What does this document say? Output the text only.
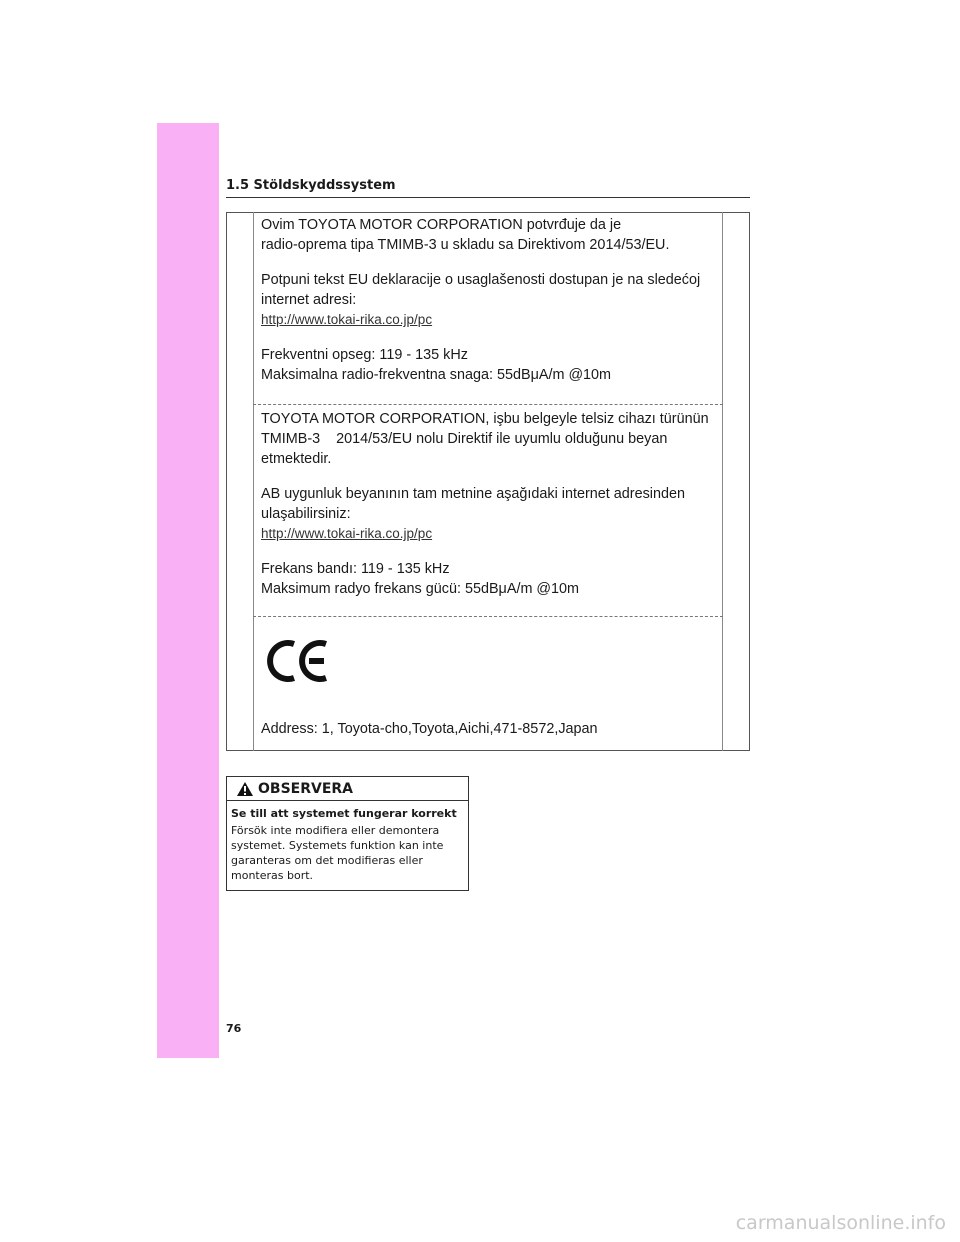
1.5 Stöldskyddssystem

Ovim TOYOTA MOTOR CORPORATION potvrđuje da je

radio-oprema tipa TMIMB-3 u skladu sa Direktivom 2014/53/EU.

Potpuni tekst EU deklaracije o usaglašenosti dostupan je na sledećoj

internet adresi:

http://www.tokai-rika.co.jp/pc

Frekventni opseg: 119 - 135 kHz

Maksimalna radio-frekventna snaga: 55dBμA/m @10m

TOYOTA MOTOR CORPORATION, işbu belgeyle telsiz cihazı türünün

TMIMB-3    2014/53/EU nolu Direktif ile uyumlu olduğunu beyan

etmektedir.

AB uygunluk beyanının tam metnine aşağıdaki internet adresinden

ulaşabilirsiniz:

http://www.tokai-rika.co.jp/pc

Frekans bandı: 119 - 135 kHz

Maksimum radyo frekans gücü: 55dBμA/m @10m

Address: 1, Toyota-cho,Toyota,Aichi,471-8572,Japan
OBSERVERA
Se till att systemet fungerar korrekt
Försök inte modifiera eller demontera systemet. Systemets funktion kan inte garanteras om det modifieras eller monteras bort.
76
carmanualsonline.info
